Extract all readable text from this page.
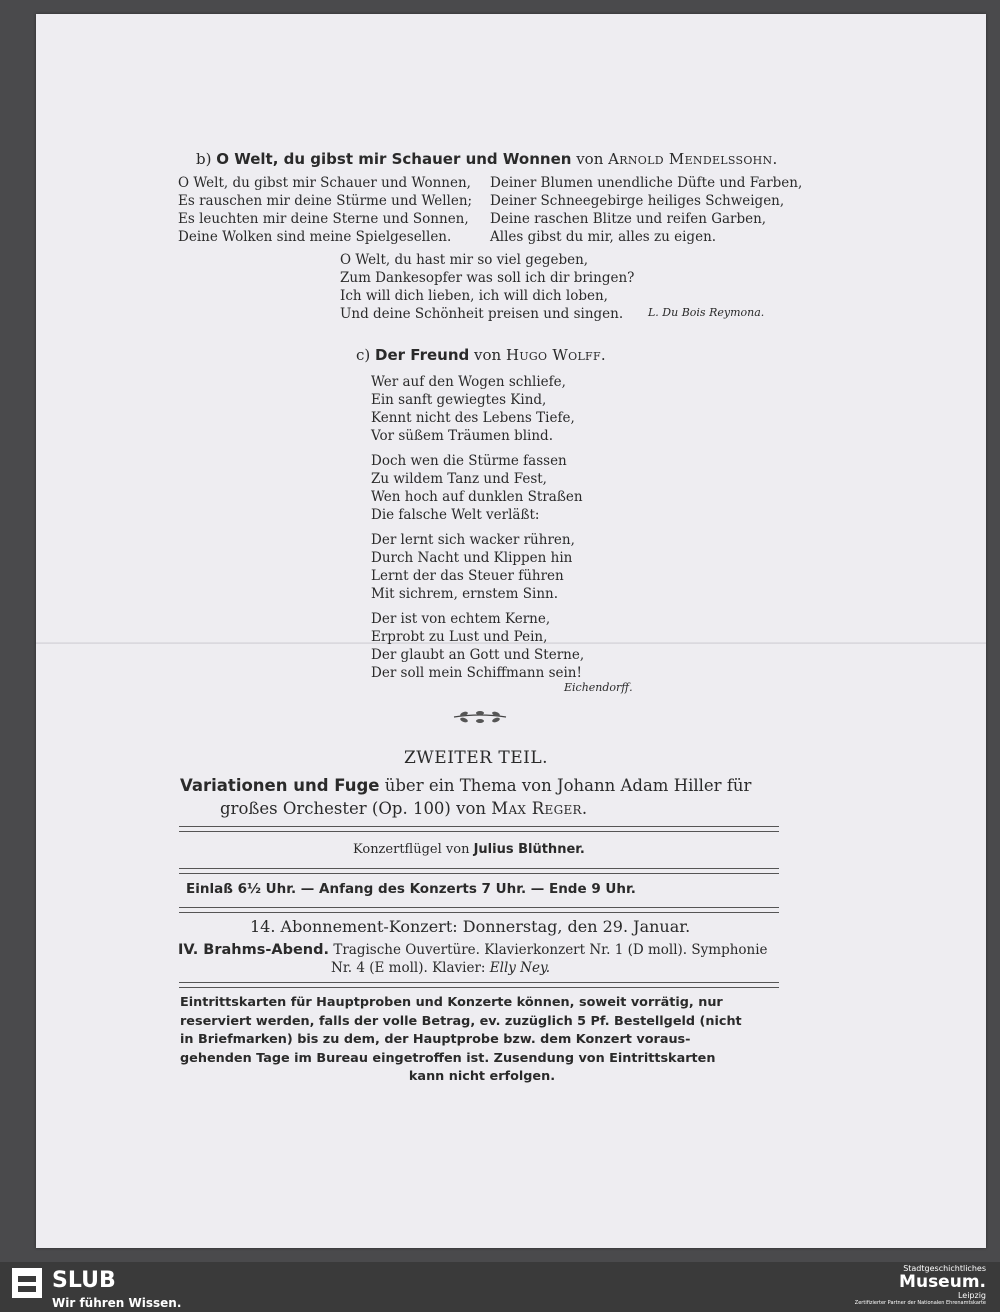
b) O Welt, du gibst mir Schauer und Wonnen von Arnold Mendelssohn.
O Welt, du gibst mir Schauer und Wonnen,
Es rauschen mir deine Stürme und Wellen;
Es leuchten mir deine Sterne und Sonnen,
Deine Wolken sind meine Spielgesellen.
Deiner Blumen unendliche Düfte und Farben,
Deiner Schneegebirge heiliges Schweigen,
Deine raschen Blitze und reifen Garben,
Alles gibst du mir, alles zu eigen.
O Welt, du hast mir so viel gegeben,
Zum Dankesopfer was soll ich dir bringen?
Ich will dich lieben, ich will dich loben,
Und deine Schönheit preisen und singen.	L. Du Bois Reymona.
c) Der Freund von Hugo Wolff.
Wer auf den Wogen schliefe,
Ein sanft gewiegtes Kind,
Kennt nicht des Lebens Tiefe,
Vor süßem Träumen blind.
Doch wen die Stürme fassen
Zu wildem Tanz und Fest,
Wen hoch auf dunklen Straßen
Die falsche Welt verläßt:
Der lernt sich wacker rühren,
Durch Nacht und Klippen hin
Lernt der das Steuer führen
Mit sichrem, ernstem Sinn.
Der ist von echtem Kerne,
Erprobt zu Lust und Pein,
Der glaubt an Gott und Sterne,
Der soll mein Schiffmann sein!
Eichendorff.
ZWEITER TEIL.
Variationen und Fuge über ein Thema von Johann Adam Hiller für
großes Orchester (Op. 100) von Max Reger.
Konzertflügel von Julius Blüthner.
Einlaß 6½ Uhr. — Anfang des Konzerts 7 Uhr. — Ende 9 Uhr.
14. Abonnement-Konzert: Donnerstag, den 29. Januar.
IV. Brahms-Abend. Tragische Ouvertüre. Klavierkonzert Nr. 1 (D moll). Symphonie
Nr. 4 (E moll). Klavier: Elly Ney.
Eintrittskarten für Hauptproben und Konzerte können, soweit vorrätig, nur
reserviert werden, falls der volle Betrag, ev. zuzüglich 5 Pf. Bestellgeld (nicht
in Briefmarken) bis zu dem, der Hauptprobe bzw. dem Konzert voraus-
gehenden Tage im Bureau eingetroffen ist. Zusendung von Eintrittskarten
kann nicht erfolgen.
SLUB
Wir führen Wissen.
Stadtgeschichtliches
Museum.
Leipzig
Zertifizierter Partner der Nationalen Ehrenamtskarte
